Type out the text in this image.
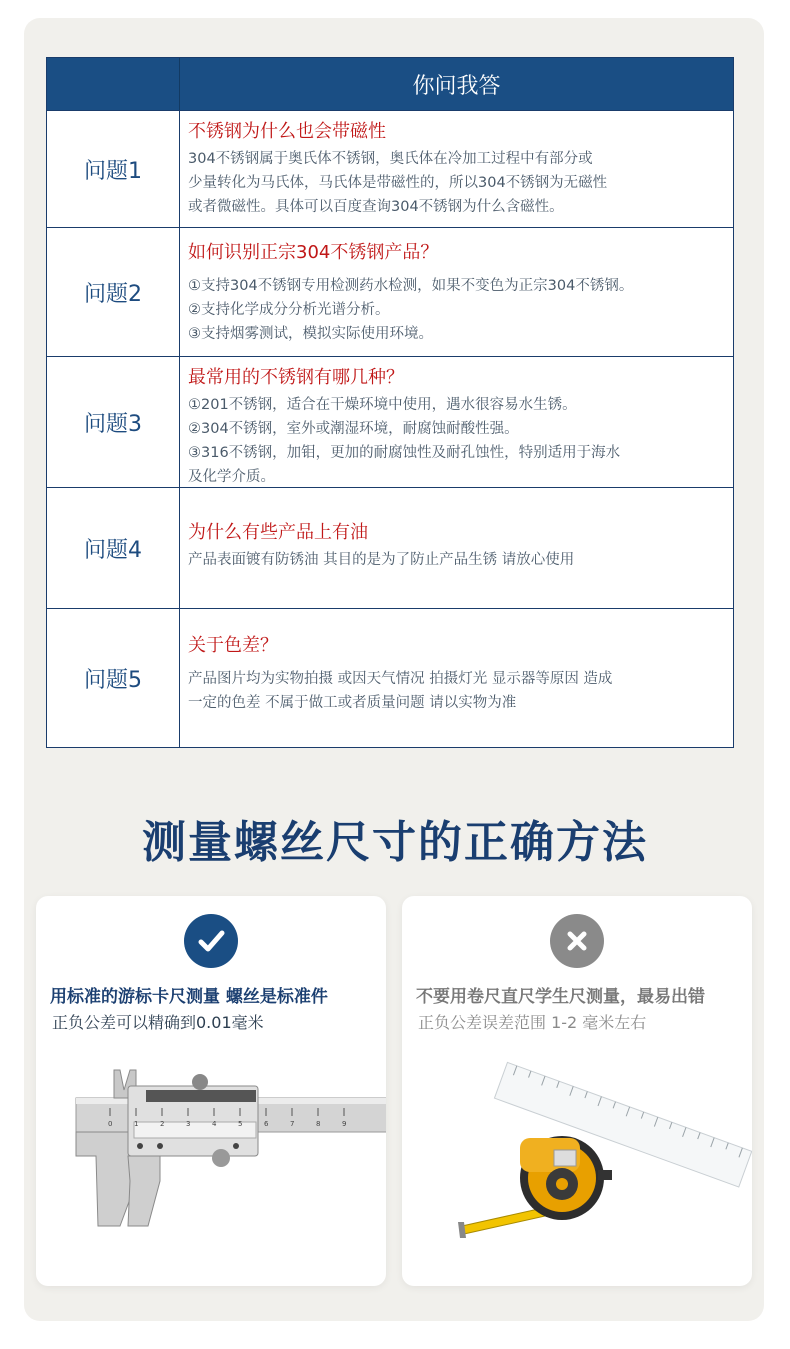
你问我答
问题1
不锈钢为什么也会带磁性
304不锈钢属于奥氏体不锈钢，奥氏体在冷加工过程中有部分或
少量转化为马氏体，马氏体是带磁性的，所以304不锈钢为无磁性
或者微磁性。具体可以百度查询304不锈钢为什么含磁性。
问题2
如何识别正宗304不锈钢产品？
①支持304不锈钢专用检测药水检测，如果不变色为正宗304不锈钢。
②支持化学成分分析光谱分析。
③支持烟雾测试，模拟实际使用环境。
问题3
最常用的不锈钢有哪几种？
①201不锈钢，适合在干燥环境中使用，遇水很容易水生锈。
②304不锈钢，室外或潮湿环境，耐腐蚀耐酸性强。
③316不锈钢，加钼，更加的耐腐蚀性及耐孔蚀性，特别适用于海水
及化学介质。
问题4
为什么有些产品上有油
产品表面镀有防锈油 其目的是为了防止产品生锈 请放心使用
问题5
关于色差？
产品图片均为实物拍摄 或因天气情况 拍摄灯光 显示器等原因 造成
一定的色差 不属于做工或者质量问题 请以实物为准
测量螺丝尺寸的正确方法
用标准的游标卡尺测量 螺丝是标准件
正负公差可以精确到0.01毫米
0	1	2	3	4	5	6	7	8	9
不要用卷尺直尺学生尺测量，最易出错
正负公差误差范围 1-2 毫米左右
